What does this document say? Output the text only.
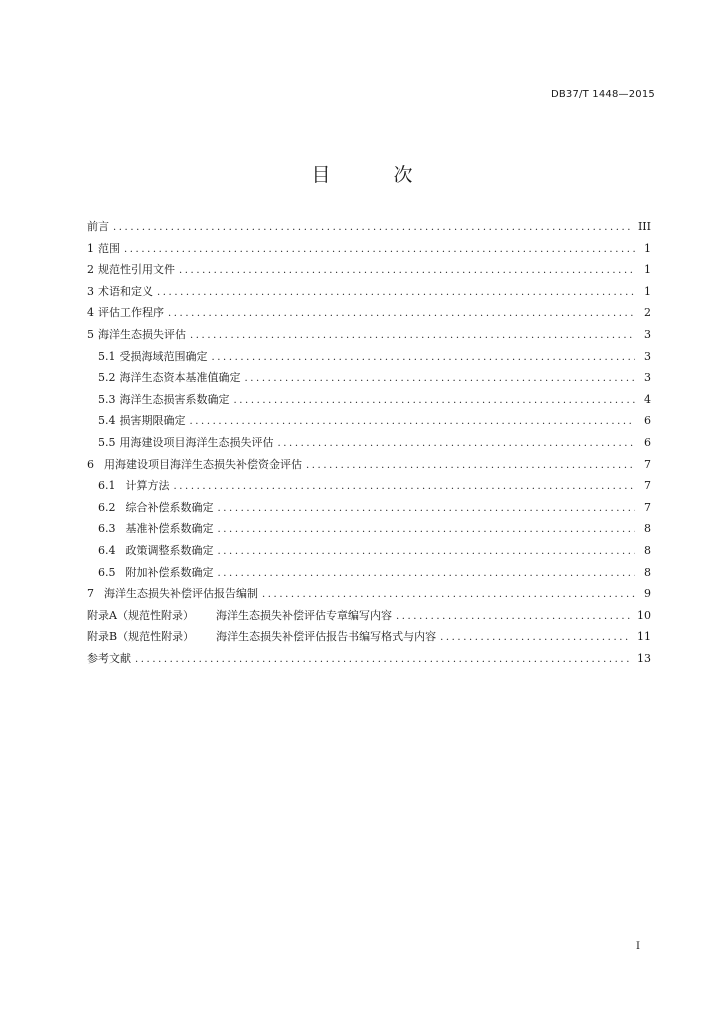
DB37/T 1448—2015
目　次
前言 .....	III
1 范围 .....	1
2 规范性引用文件 .....	1
3 术语和定义 .....	1
4 评估工作程序 .....	2
5 海洋生态损失评估 .....	3
5.1 受损海域范围确定 .....	3
5.2 海洋生态资本基准值确定 .....	3
5.3 海洋生态损害系数确定 .....	4
5.4 损害期限确定 .....	6
5.5 用海建设项目海洋生态损失评估 .....	6
6 用海建设项目海洋生态损失补偿资金评估 .....	7
6.1 计算方法 .....	7
6.2 综合补偿系数确定 .....	7
6.3 基准补偿系数确定 .....	8
6.4 政策调整系数确定 .....	8
6.5 附加补偿系数确定 .....	8
7 海洋生态损失补偿评估报告编制 .....	9
附录A（规范性附录） 海洋生态损失补偿评估专章编写内容 .....	10
附录B（规范性附录） 海洋生态损失补偿评估报告书编写格式与内容 .....	11
参考文献 .....	13
I
